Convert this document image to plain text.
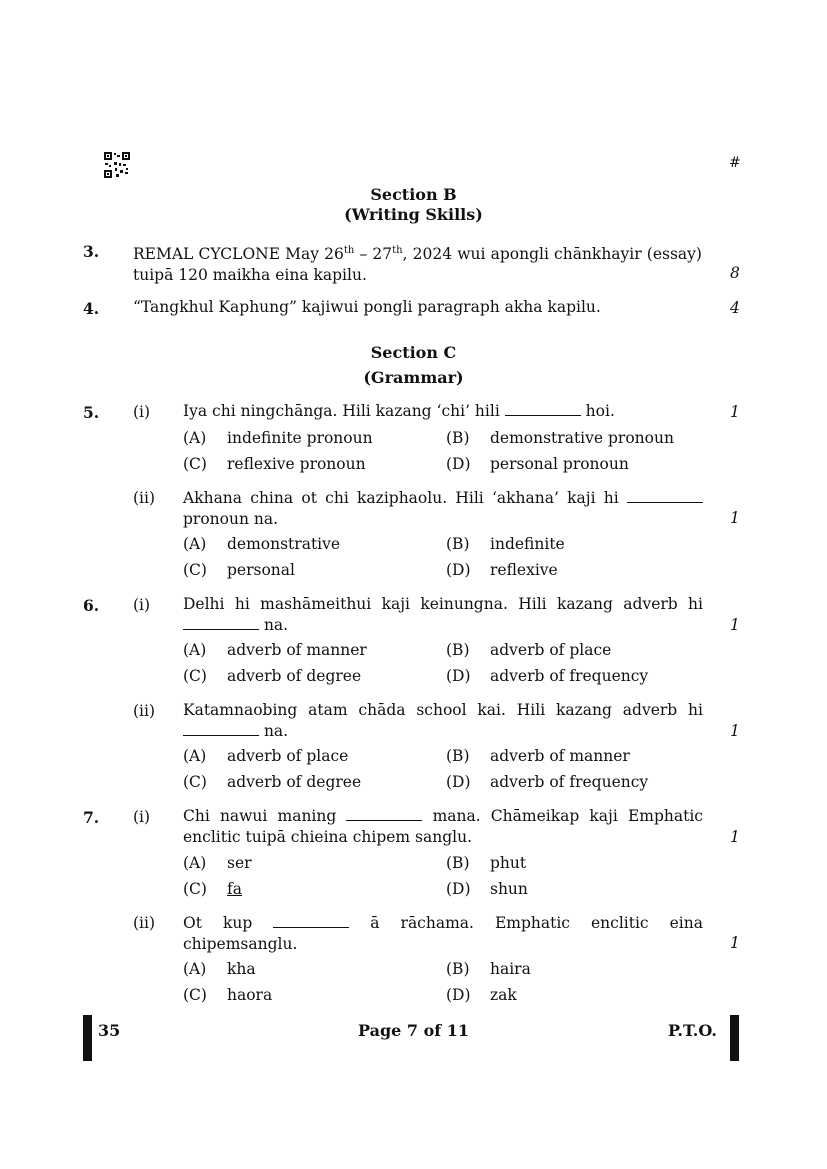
#
Section B
(Writing Skills)
3. REMAL CYCLONE May 26th – 27th, 2024 wui apongli chānkhayir (essay) tuipā 120 maikha eina kapilu.	8
4. “Tangkhul Kaphung” kajiwui pongli paragraph akha kapilu.	4
Section C
(Grammar)
5. (i) Iya chi ningchānga. Hili kazang ‘chi’ hili	hoi.	1
(A) indefinite pronoun	(B) demonstrative pronoun
(C) reflexive pronoun	(D) personal pronoun
(ii) Akhana china ot chi kaziphaolu. Hili ‘akhana’ kaji hi  pronoun na.	1
(A) demonstrative	(B) indefinite
(C) personal	(D) reflexive
6. (i) Delhi hi mashāmeithui kaji keinungna. Hili kazang adverb hi  na.	1
(A) adverb of manner	(B) adverb of place
(C) adverb of degree	(D) adverb of frequency
(ii) Katamnaobing atam chāda school kai. Hili kazang adverb hi  na.	1
(A) adverb of place	(B) adverb of manner
(C) adverb of degree	(D) adverb of frequency
7. (i) Chi nawui maning	mana. Chāmeikap kaji Emphatic enclitic tuipā chieina chipem sanglu.	1
(A) ser	(B) phut
(C) fa	(D) shun
(ii) Ot kup	ā rāchama. Emphatic enclitic eina chipemsanglu.	1
(A) kha	(B) haira
(C) haora	(D) zak
35	Page 7 of 11	P.T.O.
